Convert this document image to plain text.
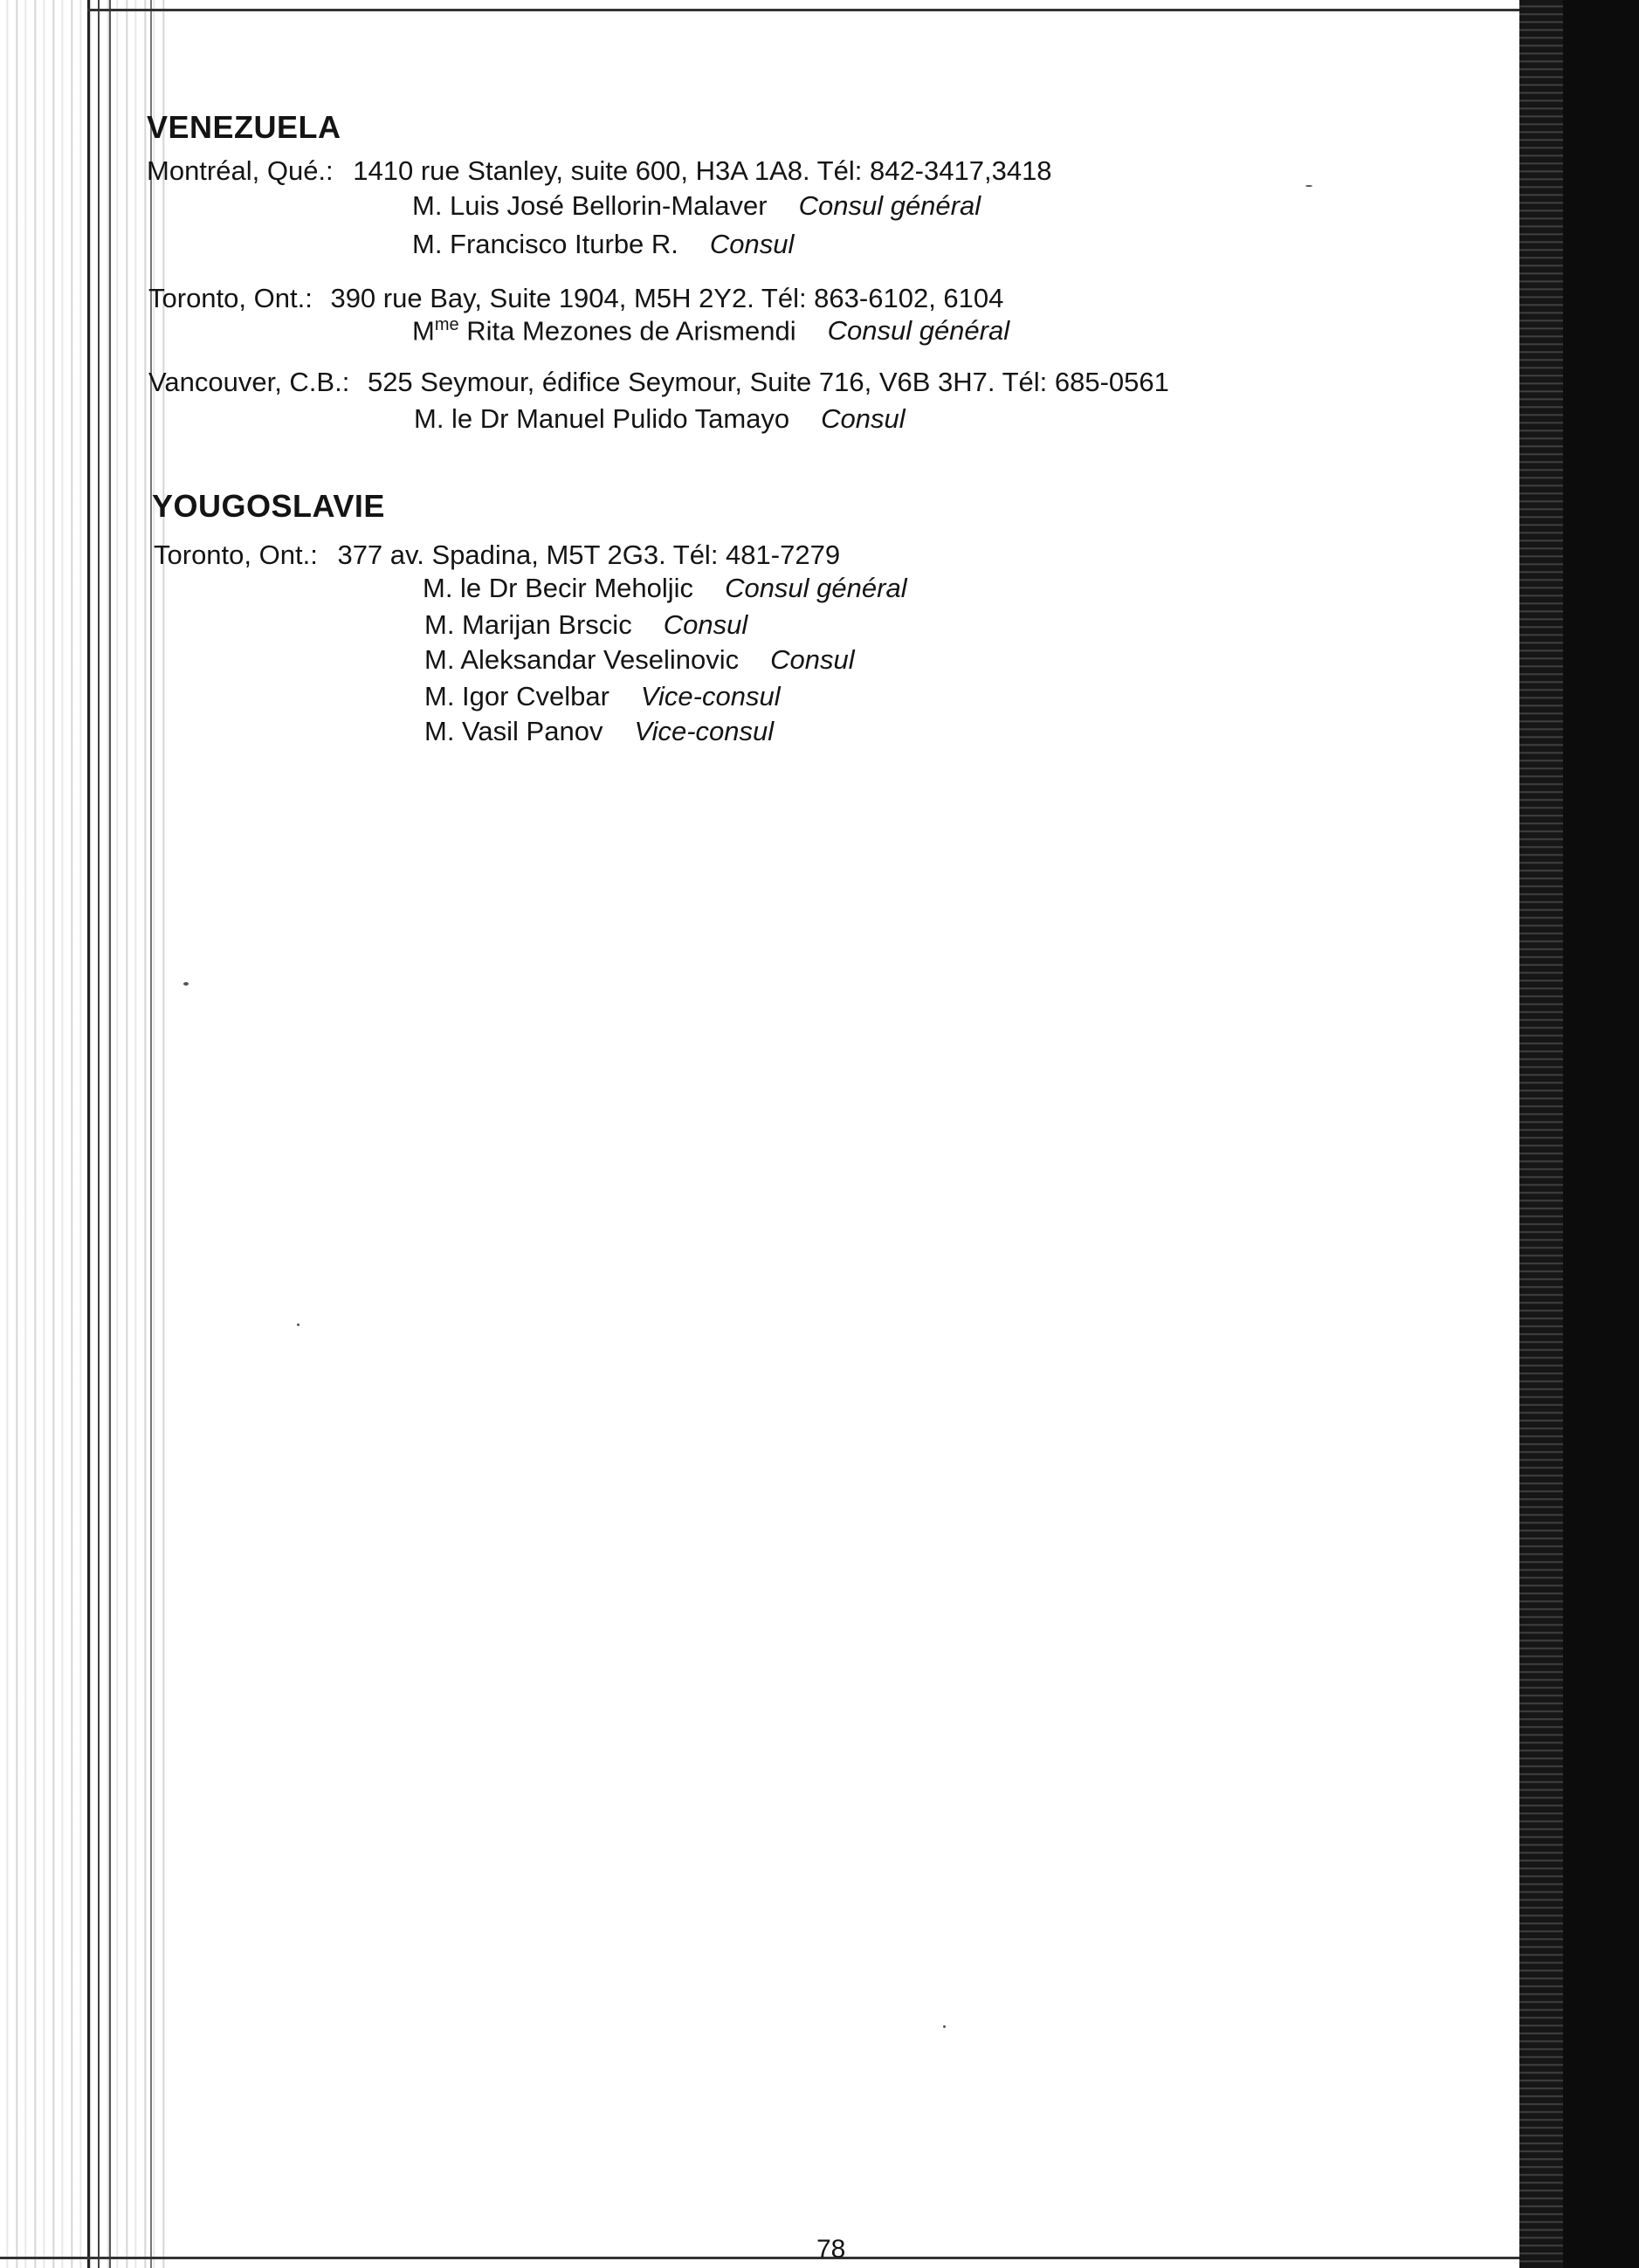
VENEZUELA
Montréal, Qué.: 1410 rue Stanley, suite 600, H3A 1A8. Tél: 842-3417,3418
M. Luis José Bellorin-Malaver Consul général
M. Francisco Iturbe R. Consul
Toronto, Ont.: 390 rue Bay, Suite 1904, M5H 2Y2. Tél: 863-6102, 6104
$M^{me}$ Rita Mezones de Arismendi Consul général
Vancouver, C.B.: 525 Seymour, édifice Seymour, Suite 716, V6B 3H7. Tél: 685-0561
M. le Dr Manuel Pulido Tamayo Consul
YOUGOSLAVIE
Toronto, Ont.: 377 av. Spadina, M5T 2G3. Tél: 481-7279
M. le Dr Becir Meholjic Consul général
M. Marijan Brscic Consul
M. Aleksandar Veselinovic Consul
M. Igor Cvelbar Vice-consul
M. Vasil Panov Vice-consul
78
